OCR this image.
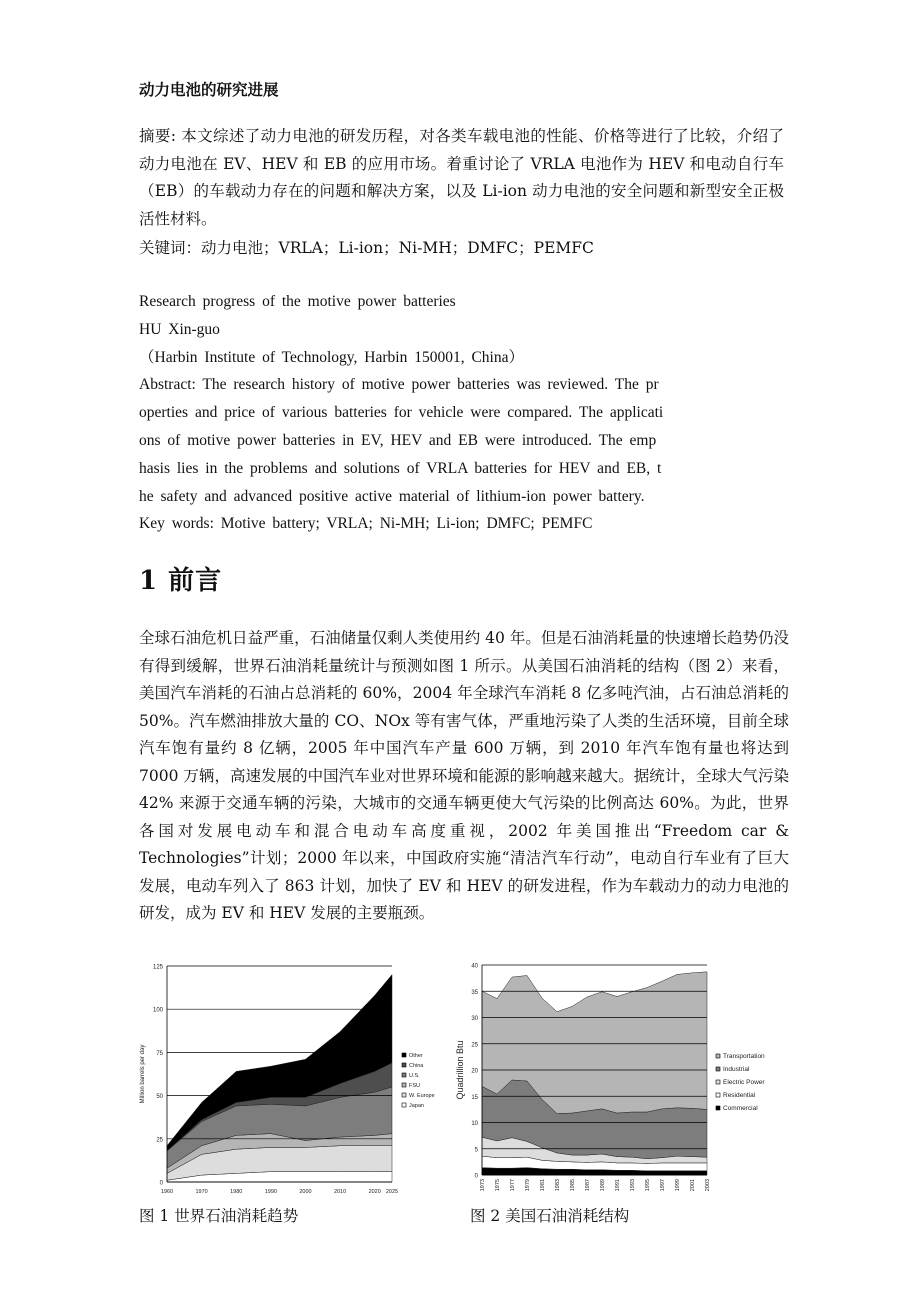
动力电池的研究进展
摘要: 本文综述了动力电池的研发历程，对各类车载电池的性能、价格等进行了比较，介绍了动力电池在 EV、HEV 和 EB 的应用市场。着重讨论了 VRLA 电池作为 HEV 和电动自行车（EB）的车载动力存在的问题和解决方案，以及 Li-ion 动力电池的安全问题和新型安全正极活性材料。
关键词：动力电池；VRLA；Li-ion；Ni-MH；DMFC；PEMFC
Research progress of the motive power batteries
HU Xin-guo
（Harbin Institute of Technology, Harbin 150001, China）
Abstract: The research history of motive power batteries was reviewed. The pr
operties and price of various batteries for vehicle were compared. The applicati
ons of motive power batteries in EV, HEV and EB were introduced. The emp
hasis lies in the problems and solutions of VRLA batteries for HEV and EB, t
he safety and advanced positive active material of lithium-ion power battery.
Key words: Motive battery; VRLA; Ni-MH; Li-ion; DMFC; PEMFC
1 前言
全球石油危机日益严重，石油储量仅剩人类使用约 40 年。但是石油消耗量的快速增长趋势仍没有得到缓解，世界石油消耗量统计与预测如图 1 所示。从美国石油消耗的结构（图 2）来看，美国汽车消耗的石油占总消耗的 60%，2004 年全球汽车消耗 8 亿多吨汽油，占石油总消耗的 50%。汽车燃油排放大量的 CO、NOx 等有害气体，严重地污染了人类的生活环境，目前全球汽车饱有量约 8 亿辆，2005 年中国汽车产量 600 万辆，到 2010 年汽车饱有量也将达到 7000 万辆，高速发展的中国汽车业对世界环境和能源的影响越来越大。据统计，全球大气污染 42% 来源于交通车辆的污染，大城市的交通车辆更使大气污染的比例高达 60%。为此，世界各国对发展电动车和混合电动车高度重视，2002 年美国推出“Freedom car & Technologies”计划；2000 年以来，中国政府实施“清洁汽车行动”，电动自行车业有了巨大发展，电动车列入了 863 计划，加快了 EV 和 HEV 的研发进程，作为车载动力的动力电池的研发，成为 EV 和 HEV 发展的主要瓶颈。
0
25
50
75
100
125
1960	1970	1980	1990	2000	2010	2020 2025
Million barrels per day	Other
China
U.S.
FSU
W. Europe
Japan
0
5
10
15
20
25
30
35
40
1973 1975 1977 1979 1981 1983 1985 1987 1989 1991 1993 1995 1997 1999 2001 2003
Quadrillion Btu	Transportation
Industrial
Electric Power
Residential
Commercial
图 1 世界石油消耗趋势	图 2 美国石油消耗结构
